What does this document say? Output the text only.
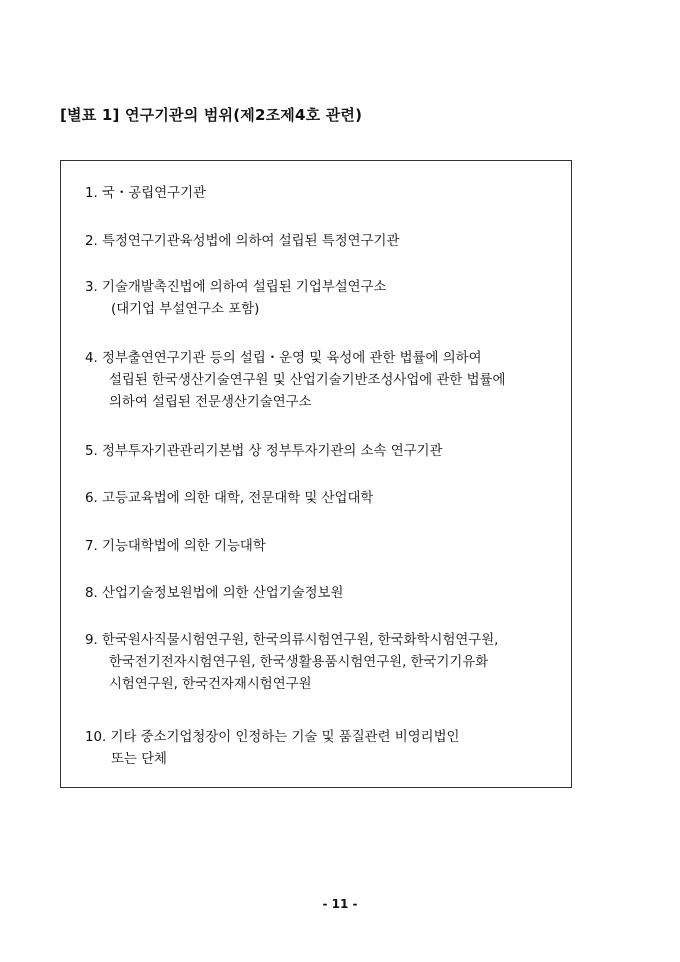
[별표 1] 연구기관의 범위(제2조제4호 관련)
1. 국・공립연구기관
2. 특정연구기관육성법에 의하여 설립된 특정연구기관
3. 기술개발촉진법에 의하여 설립된 기업부설연구소
(대기업 부설연구소 포함)
4. 정부출연연구기관 등의 설립・운영 및 육성에 관한 법률에 의하여
설립된 한국생산기술연구원 및 산업기술기반조성사업에 관한 법률에
의하여 설립된 전문생산기술연구소
5. 정부투자기관관리기본법 상 정부투자기관의 소속 연구기관
6. 고등교육법에 의한 대학, 전문대학 및 산업대학
7. 기능대학법에 의한 기능대학
8. 산업기술정보원법에 의한 산업기술정보원
9. 한국원사직물시험연구원, 한국의류시험연구원, 한국화학시험연구원,
한국전기전자시험연구원, 한국생활용품시험연구원, 한국기기유화
시험연구원, 한국건자재시험연구원
10. 기타 중소기업청장이 인정하는 기술 및 품질관련 비영리법인
또는 단체
- 11 -
